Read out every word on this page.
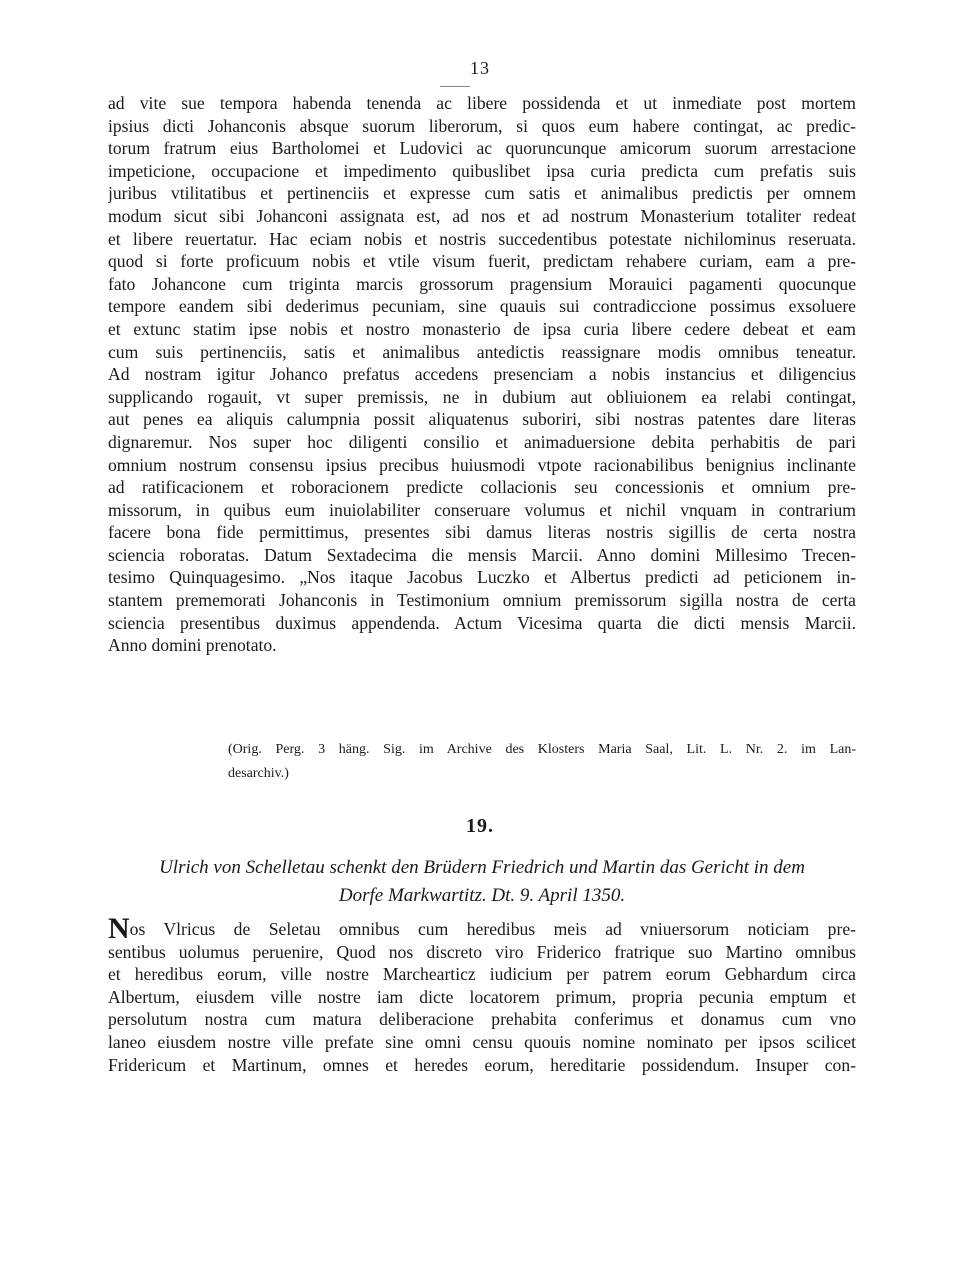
13
ad vite sue tempora habenda tenenda ac libere possidenda et ut inmediate post mortem
ipsius dicti Johanconis absque suorum liberorum, si quos eum habere contingat, ac predic-
torum fratrum eius Bartholomei et Ludovici ac quoruncunque amicorum suorum arrestacione
impeticione, occupacione et impedimento quibuslibet ipsa curia predicta cum prefatis suis
juribus vtilitatibus et pertinenciis et expresse cum satis et animalibus predictis per omnem
modum sicut sibi Johanconi assignata est, ad nos et ad nostrum Monasterium totaliter redeat
et libere reuertatur. Hac eciam nobis et nostris succedentibus potestate nichilominus reseruata.
quod si forte proficuum nobis et vtile visum fuerit, predictam rehabere curiam, eam a pre-
fato Johancone cum triginta marcis grossorum pragensium Morauici pagamenti quocunque
tempore eandem sibi dederimus pecuniam, sine quauis sui contradiccione possimus exsoluere
et extunc statim ipse nobis et nostro monasterio de ipsa curia libere cedere debeat et eam
cum suis pertinenciis, satis et animalibus antedictis reassignare modis omnibus teneatur.
Ad nostram igitur Johanco prefatus accedens presenciam a nobis instancius et diligencius
supplicando rogauit, vt super premissis, ne in dubium aut obliuionem ea relabi contingat,
aut penes ea aliquis calumpnia possit aliquatenus suboriri, sibi nostras patentes dare literas
dignaremur. Nos super hoc diligenti consilio et animaduersione debita perhabitis de pari
omnium nostrum consensu ipsius precibus huiusmodi vtpote racionabilibus benignius inclinante
ad ratificacionem et roboracionem predicte collacionis seu concessionis et omnium pre-
missorum, in quibus eum inuiolabiliter conseruare volumus et nichil vnquam in contrarium
facere bona fide permittimus, presentes sibi damus literas nostris sigillis de certa nostra
sciencia roboratas. Datum Sextadecima die mensis Marcii. Anno domini Millesimo Trecen-
tesimo Quinquagesimo. „Nos itaque Jacobus Luczko et Albertus predicti ad peticionem in-
stantem prememorati Johanconis in Testimonium omnium premissorum sigilla nostra de certa
sciencia presentibus duximus appendenda. Actum Vicesima quarta die dicti mensis Marcii.
Anno domini prenotato.
(Orig. Perg. 3 häng. Sig. im Archive des Klosters Maria Saal, Lit. L. Nr. 2. im Lan-
desarchiv.)
19.
Ulrich von Schelletau schenkt den Brüdern Friedrich und Martin das Gericht in dem
Dorfe Markwartitz. Dt. 9. April 1350.
Nos Vlricus de Seletau omnibus cum heredibus meis ad vniuersorum noticiam pre-
sentibus uolumus peruenire, Quod nos discreto viro Friderico fratrique suo Martino omnibus
et heredibus eorum, ville nostre Marchearticz iudicium per patrem eorum Gebhardum circa
Albertum, eiusdem ville nostre iam dicte locatorem primum, propria pecunia emptum et
persolutum nostra cum matura deliberacione prehabita conferimus et donamus cum vno
laneo eiusdem nostre ville prefate sine omni censu quouis nomine nominato per ipsos scilicet
Fridericum et Martinum, omnes et heredes eorum, hereditarie possidendum. Insuper con-
